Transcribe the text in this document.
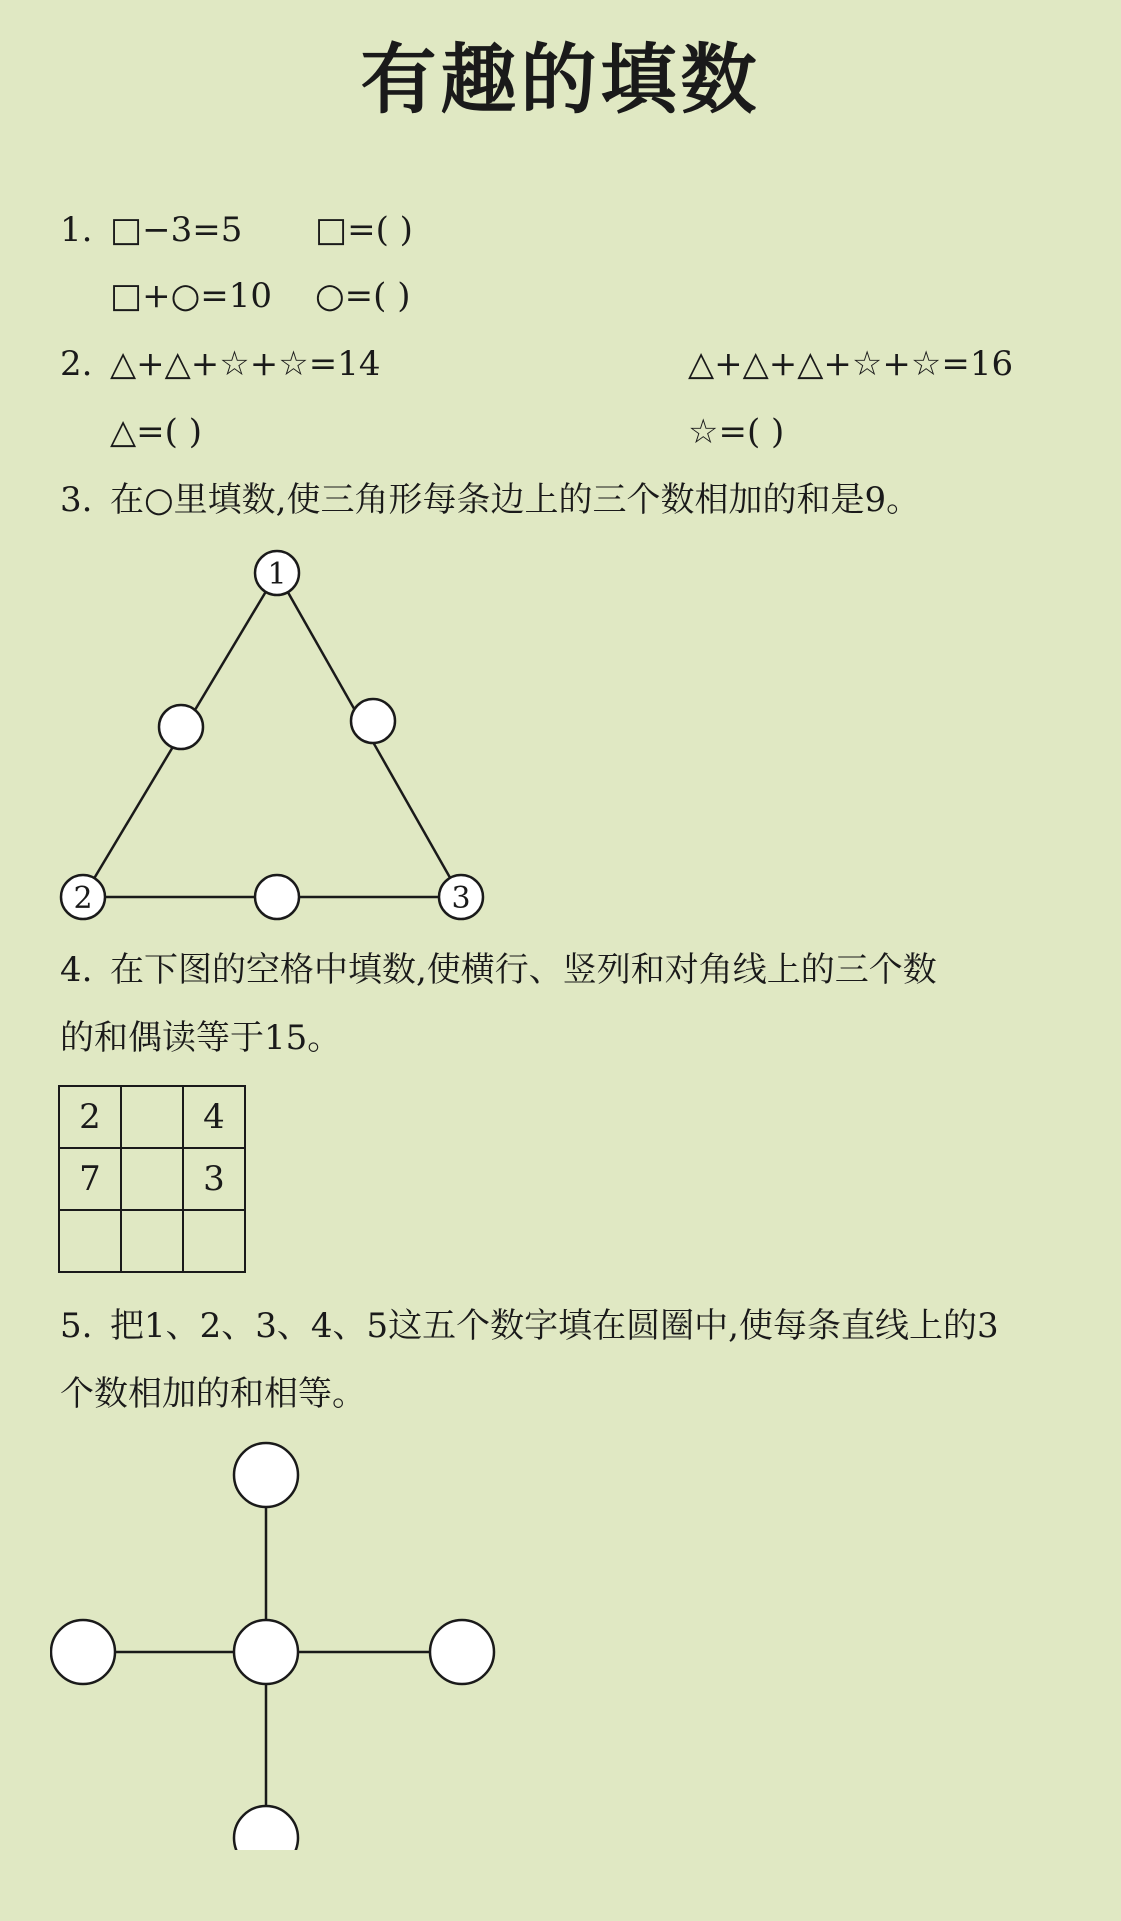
有趣的填数
1. □−3=5 □=( )
□+○=10 ○=( )
2. △+△+☆+☆=14	△+△+△+☆+☆=16
△=( )	☆=( )
3. 在○里填数,使三角形每条边上的三个数相加的和是9。
1
2	3
4. 在下图的空格中填数,使横行、竖列和对角线上的三个数
的和偶读等于15。
2		4
7		3

5. 把1、2、3、4、5这五个数字填在圆圈中,使每条直线上的3
个数相加的和相等。
